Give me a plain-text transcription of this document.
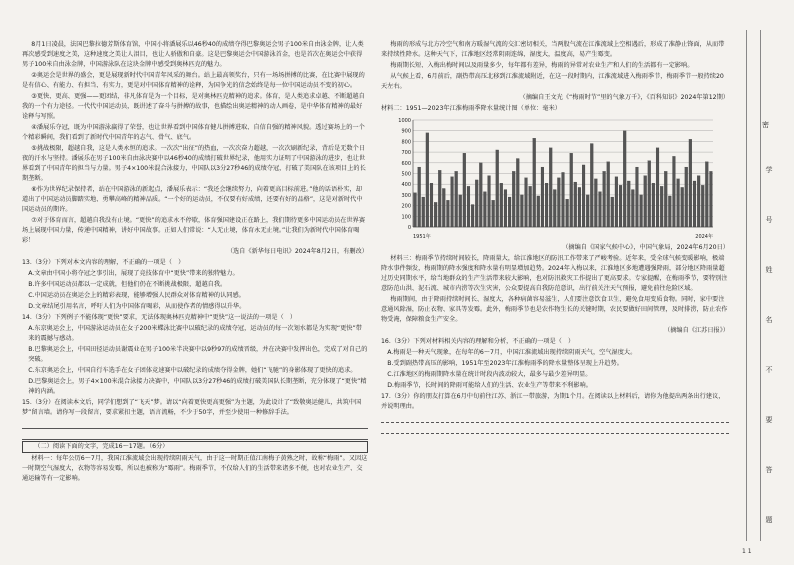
8月1日凌晨，法国巴黎拉德芳斯体育馆，中国小将潘展乐以46秒40的成绩夺得巴黎奥运会男子100米自由泳金牌，让人类再次感受到速度之美，这种速度之美让人泪目，也让人骄傲和自豪。这是巴黎奥运会中国游泳首金，也是首次在奥运会中获得男子100米自由泳金牌，中国游泳队在这块金牌中感受到奥林匹克的魅力。

②奥运会是世界的盛会，更是展现新时代中国青年风采的舞台。站上最高领奖台，只有一场场拼搏的比赛，在比赛中展现的是有信心、有能力、有担当、有实力，更是对中国体育精神的诠释，为国争光的信念始终是每一位中国运动员不变的初心。

③更快、更高、更强——更团结，非凡体育是为一个目标，是对奥林匹克精神的追求。体育，是人类追求卓越、不断超越自我的一个有力途径。一代代中国运动员，既讲述了奋斗与拼搏的故事，也描绘出奥运精神的动人画卷，是中华体育精神的最好诠释与写照。

④潘展乐夺冠，既为中国游泳赢得了荣誉，也让世界看到中国体育健儿拼搏进取、自信自强的精神风貌。透过赛场上的一个个精彩瞬间，我们看到了新时代中国青年的志气、骨气、底气。

⑤挑战极限，超越自我，这是人类永恒的追求。一次次“出征”的热血，一次次奋力超越，一次次刷新纪录，背后是无数个日夜的汗水与坚持。潘展乐在男子100米自由泳决赛中以46秒40的成绩打破世界纪录，他用实力证明了中国游泳的进步，也让世界看到了中国青年的担当与力量。男子4×100米混合泳接力，中国队以3分27秒46的成绩夺冠，打破了美国队在该项目上的长期垄断。

⑥作为世界纪录保持者，站在中国游泳的新起点，潘展乐表示：“我还会继续努力，向着更高目标前进。”他的话语朴实，却道出了中国运动员脚踏实地、勇攀高峰的精神品质。“一个好的运动员，不仅要有好成绩，还要有好的品格”，这是对新时代中国运动员的期许。

⑦对于体育而言，超越自我没有止境。“更快”的追求永不停歇，体育强国建设正在路上，我们期待更多中国运动员在世界赛场上展现中国力量，传递中国精神，讲好中国故事。正如人们常说：“人无止境，体育永无止境。”让我们为新时代中国体育喝彩！

（选自《新华每日电讯》2024年8月2日，有删改）

13.（3分）下列对本文内容的理解，不正确的一项是（　）

A.文章由中国小将夺冠之事引出，展现了竞技体育中“更快”带来的独特魅力。

B.许多中国运动员都以一定成就，但他们仍在不断挑战极限，超越自我。

C.中国运动员在奥运会上的精彩表现，能够增强人民群众对体育精神的认同感。

D.文章结尾引用名言，呼吁人们为中国体育喝彩，从而使作者的情感得以升华。

14.（3分）下列例子不能体现“更快”要求，无法体现奥林匹克精神中“更快”这一说法的一项是（　）

A.东京奥运会上，中国游泳运动员在女子200米蝶泳比赛中以破纪录的成绩夺冠，运动员的每一次划水都是为实现“更快”带来的震撼与感动。

B.巴黎奥运会上，中国田径运动员谢震业在男子100米半决赛中以9秒97的成绩晋级，并在决赛中发挥出色，完成了对自己的突破。

C.东京奥运会上，中国自行车选手在女子团体竞速赛中以破纪录的成绩夺得金牌，她们“飞驰”的身影体现了更快的追求。

D.巴黎奥运会上，男子4×100米混合泳接力决赛中，中国队以3分27秒46的成绩打破美国队长期垄断，充分体现了“更快”精神的内涵。

15.（3分）在阅读本文后，同学们想到了“飞天”梦。请以“向着更快更高更强”为主题，为此设计了“致敬奥运健儿，共筑中国梦”留言墙。请你写一段留言，要求紧扣主题，语言流畅，不少于50字，并至少使用一种修辞手法。

（二）阅读下面的文字，完成16～17题。（6分）

材料一：每年公历6～7月，我国江淮流域会出现持续阴雨天气，由于这一时期正值江南梅子黄熟之时，故称“梅雨”。又因这一时期空气湿度大，衣物等容易发霉，所以也被称为“霉雨”。梅雨季节，不仅给人们的生活带来诸多不便，也对农业生产、交通运输等有一定影响。

梅雨的形成与北方冷空气和南方暖湿气流的交汇密切相关，当两股气流在江淮流域上空相遇后，形成了准静止锋面，从而带来持续性降水。这种天气下，江淮地区经常阴雨连绵，湿度大，温度高，易产生霉变。

梅雨期长短、入梅出梅时间以及雨量多少，每年都有差异，梅雨的异常对农业生产和人们的生活都有一定影响。

从气候上看，6月前后，副热带高压北移到江淮流域附近，在这一段时期内，江淮流域进入梅雨季节，梅雨季节一般持续20天左右。

（摘编自王文光《“梅雨时节”里的气象万千》，《百科知识》2024年第12期）

材料二：1951—2023年江淮梅雨季降水量统计图（单位：毫米）

0
100
200
300
400
500
600
700
800
900
1000
1951年	2024年

（摘编自《国家气候中心》，中国气象局，2024年6月20日）

材料三：梅雨季节持续时间较长，降雨量大，给江淮地区的防汛工作带来了严峻考验。近年来，受全球气候变暖影响，极端降水事件频发，梅雨期的降水强度和降水量有明显增加趋势。2024年入梅以来，江淮地区多地遭遇强降雨，部分地区降雨量超过历史同期水平，给当地群众的生产生活带来较大影响，也对防汛救灾工作提出了更高要求。专家提醒，在梅雨季节，要特别注意防范山洪、泥石流、城市内涝等次生灾害，公众要提高自我防范意识，出行前关注天气预报，避免前往危险区域。

梅雨期间，由于降雨持续时间长、湿度大，各种病菌容易滋生，人们要注意饮食卫生，避免食用变质食物。同时，家中要注意通风除湿，防止衣物、家具等发霉。此外，梅雨季节也是农作物生长的关键时期，农民要做好田间管理，及时排涝，防止农作物受淹，保障粮食生产安全。

（摘编自《江苏日报》）

16.（3分）下列对材料相关内容的理解和分析，不正确的一项是（　）

A.梅雨是一种天气现象，在每年的6～7月，中国江淮流域出现持续阴雨天气，空气湿度大。

B.受到副热带高压的影响，1951年至2023年江淮梅雨季的降水量整体呈现上升趋势。

C.江淮地区的梅雨期降水量在统计时段内波动较大，最多与最少差异明显。

D.梅雨季节，长时间的降雨可能给人们的生活、农业生产等带来不利影响。

17.（3分）你的朋友打算在6月中旬前往江苏、浙江一带旅游，为期1个月。在阅读以上材料后，请你为他提出两条出行建议，并说明理由。

密
学
号
姓
名
不
要
答
题
1 1
